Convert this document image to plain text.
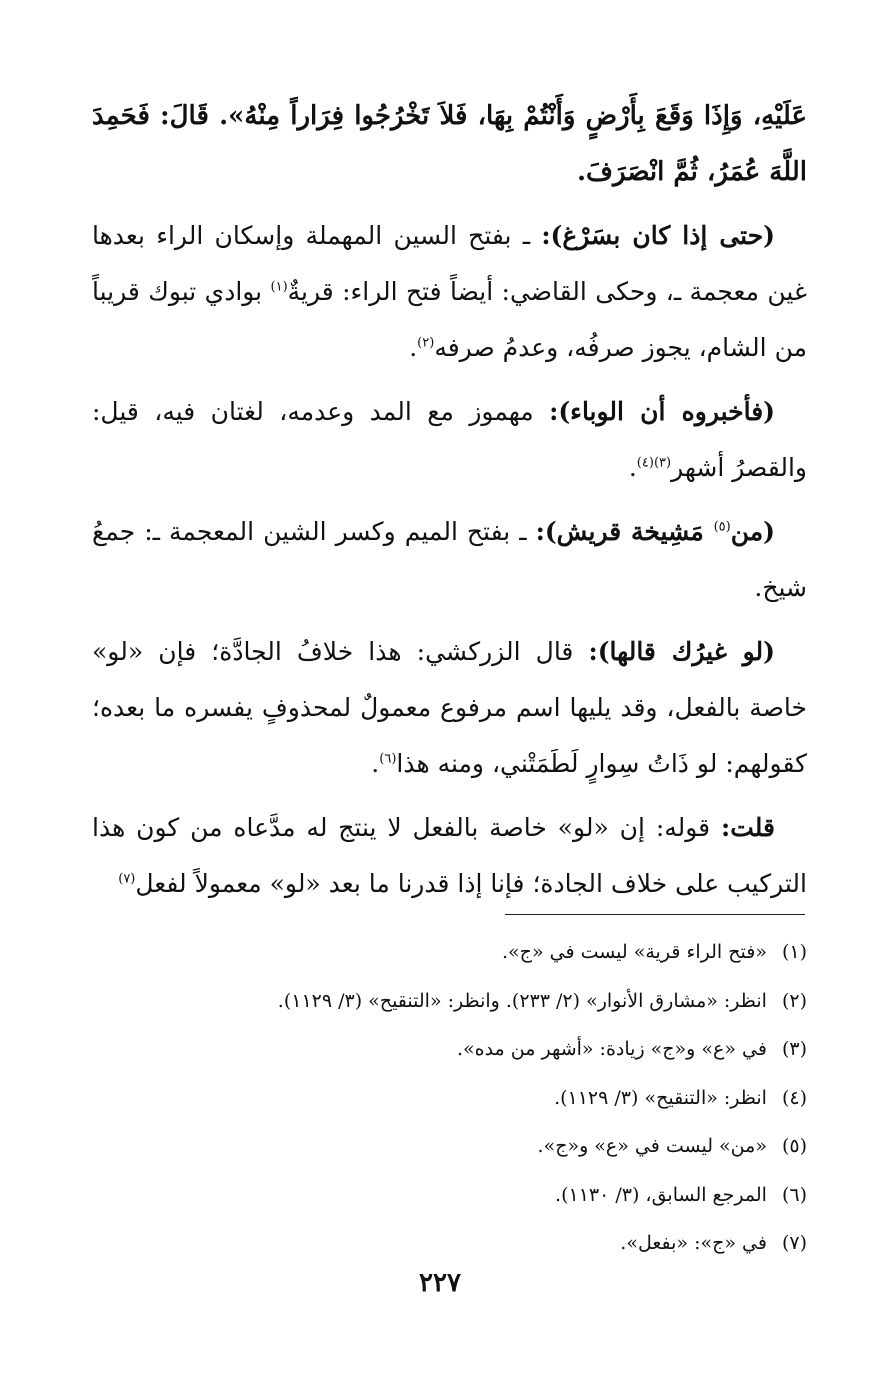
عَلَيْهِ، وَإِذَا وَقَعَ بِأَرْضٍ وَأَنْتُمْ بِهَا، فَلاَ تَخْرُجُوا فِرَاراً مِنْهُ». قَالَ: فَحَمِدَ اللَّهَ عُمَرُ، ثُمَّ انْصَرَفَ.

(حتى إذا كان بسَرْغ): ـ بفتح السين المهملة وإسكان الراء بعدها غين معجمة ـ، وحكى القاضي: أيضاً فتح الراء: قريةٌ$^{(١)}$ بوادي تبوك قريباً من الشام، يجوز صرفُه، وعدمُ صرفه$^{(٢)}$.

(فأخبروه أن الوباء): مهموز مع المد وعدمه، لغتان فيه، قيل: والقصرُ أشهر$^{(٣)(٤)}$.

(من$^{(٥)}$ مَشِيخة قريش): ـ بفتح الميم وكسر الشين المعجمة ـ: جمعُ شيخ.

(لو غيرُك قالها): قال الزركشي: هذا خلافُ الجادَّة؛ فإن «لو» خاصة بالفعل، وقد يليها اسم مرفوع معمولٌ لمحذوفٍ يفسره ما بعده؛ كقولهم: لو ذَاتُ سِوارٍ لَطَمَتْني، ومنه هذا$^{(٦)}$.

قلت: قوله: إن «لو» خاصة بالفعل لا ينتج له مدَّعاه من كون هذا التركيب على خلاف الجادة؛ فإنا إذا قدرنا ما بعد «لو» معمولاً لفعل$^{(٧)}$

(١) «فتح الراء قرية» ليست في «ج».
(٢) انظر: «مشارق الأنوار» (٢/ ٢٣٣). وانظر: «التنقيح» (٣/ ١١٢٩).
(٣) في «ع» و«ج» زيادة: «أشهر من مده».
(٤) انظر: «التنقيح» (٣/ ١١٢٩).
(٥) «من» ليست في «ع» و«ج».
(٦) المرجع السابق، (٣/ ١١٣٠).
(٧) في «ج»: «بفعل».
٢٢٧
